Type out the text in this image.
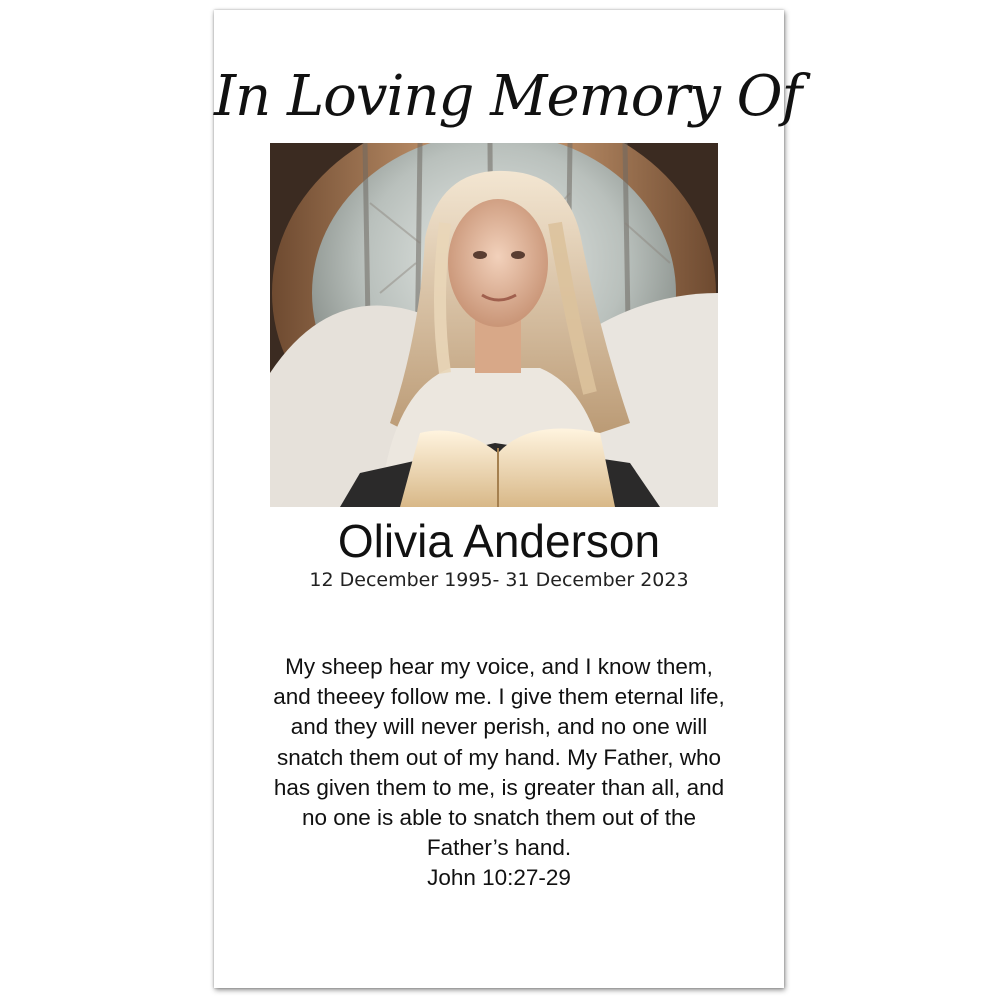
In Loving Memory Of
Olivia Anderson
12 December 1995- 31 December 2023

My sheep hear my voice, and I know them, and theeey follow me. I give them eternal life, and they will never perish, and no one will snatch them out of my hand. My Father, who has given them to me, is greater than all, and no one is able to snatch them out of the Father’s hand.

John 10:27-29
